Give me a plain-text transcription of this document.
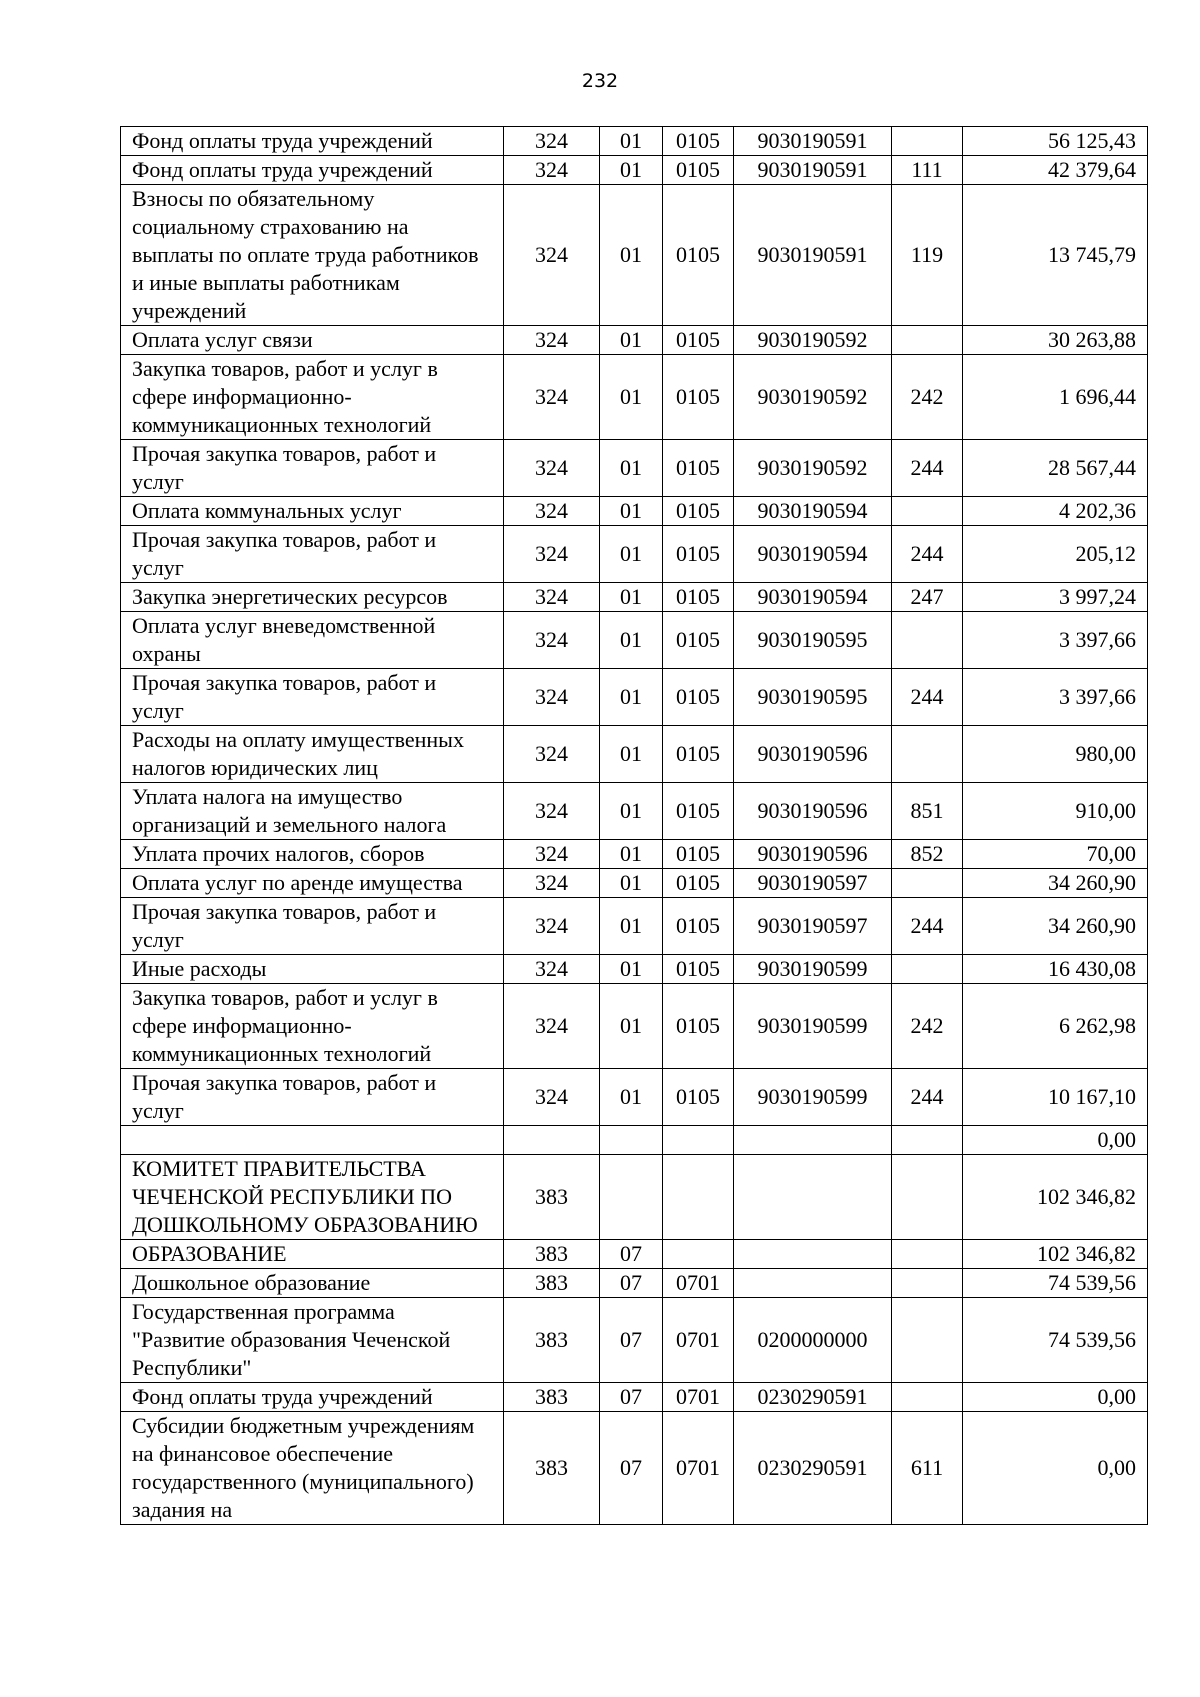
232
Фонд оплаты труда учреждений	324	01	0105	9030190591		56 125,43
Фонд оплаты труда учреждений	324	01	0105	9030190591	111	42 379,64
Взносы по обязательному социальному страхованию на выплаты по оплате труда работников и иные выплаты работникам учреждений	324	01	0105	9030190591	119	13 745,79
Оплата услуг связи	324	01	0105	9030190592		30 263,88
Закупка товаров, работ и услуг в сфере информационно-коммуникационных технологий	324	01	0105	9030190592	242	1 696,44
Прочая закупка товаров, работ и услуг	324	01	0105	9030190592	244	28 567,44
Оплата коммунальных услуг	324	01	0105	9030190594		4 202,36
Прочая закупка товаров, работ и услуг	324	01	0105	9030190594	244	205,12
Закупка энергетических ресурсов	324	01	0105	9030190594	247	3 997,24
Оплата услуг вневедомственной охраны	324	01	0105	9030190595		3 397,66
Прочая закупка товаров, работ и услуг	324	01	0105	9030190595	244	3 397,66
Расходы на оплату имущественных налогов юридических лиц	324	01	0105	9030190596		980,00
Уплата налога на имущество организаций и земельного налога	324	01	0105	9030190596	851	910,00
Уплата прочих налогов, сборов	324	01	0105	9030190596	852	70,00
Оплата услуг по аренде имущества	324	01	0105	9030190597		34 260,90
Прочая закупка товаров, работ и услуг	324	01	0105	9030190597	244	34 260,90
Иные расходы	324	01	0105	9030190599		16 430,08
Закупка товаров, работ и услуг в сфере информационно-коммуникационных технологий	324	01	0105	9030190599	242	6 262,98
Прочая закупка товаров, работ и услуг	324	01	0105	9030190599	244	10 167,10
						0,00
КОМИТЕТ ПРАВИТЕЛЬСТВА ЧЕЧЕНСКОЙ РЕСПУБЛИКИ ПО ДОШКОЛЬНОМУ ОБРАЗОВАНИЮ	383					102 346,82
ОБРАЗОВАНИЕ	383	07				102 346,82
Дошкольное образование	383	07	0701			74 539,56
Государственная программа "Развитие образования Чеченской Республики"	383	07	0701	0200000000		74 539,56
Фонд оплаты труда учреждений	383	07	0701	0230290591		0,00
Субсидии бюджетным учреждениям на финансовое обеспечение государственного (муниципального) задания на	383	07	0701	0230290591	611	0,00
